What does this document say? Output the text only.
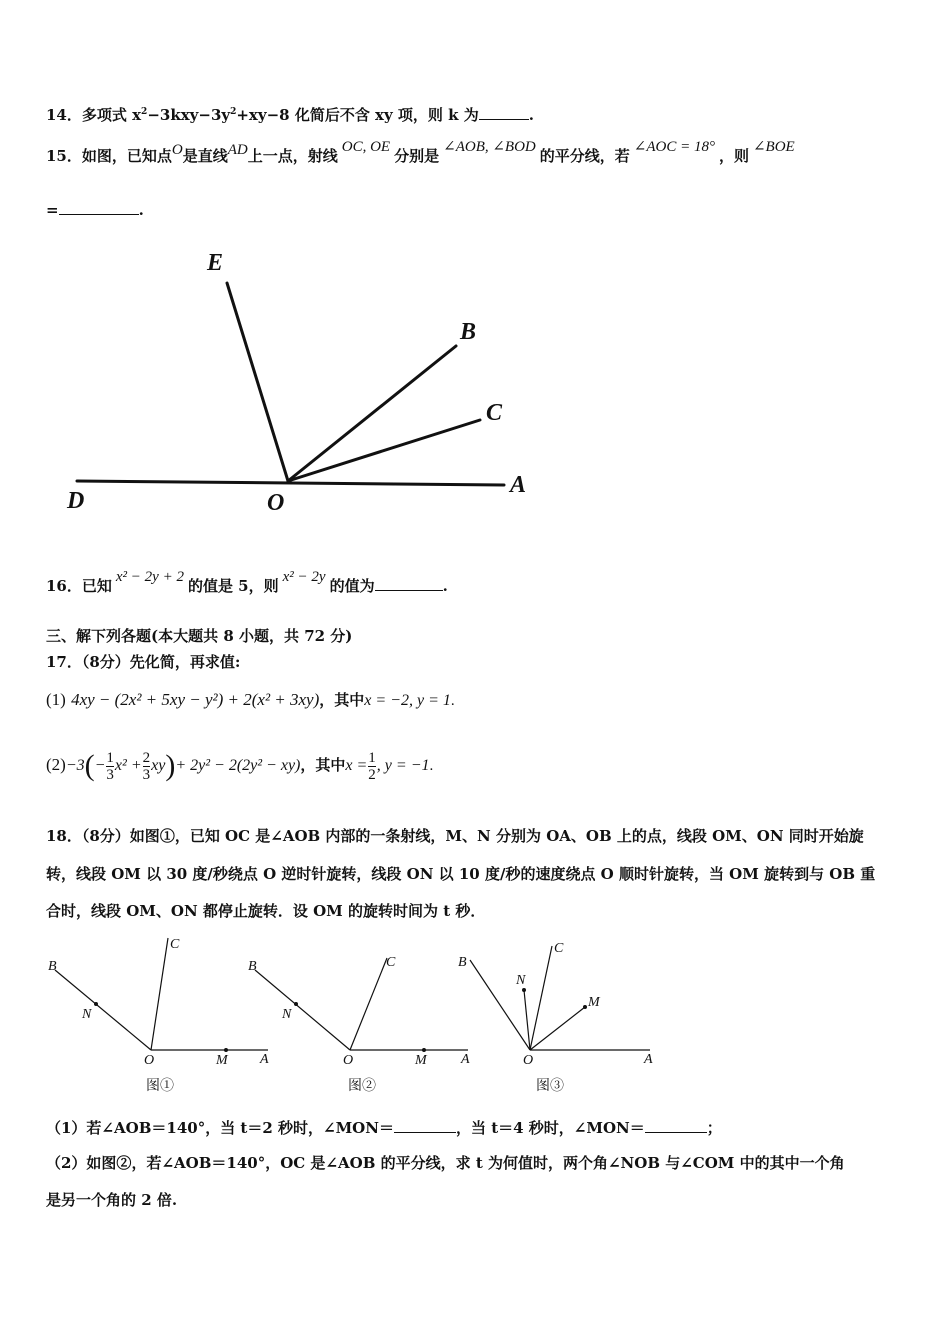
14．多项式 $x^2-3kxy-3y^2+xy-8$ 化简后不含 xy 项，则 k 为	.
15．如图，已知点O是直线AD上一点，射线 OC, OE 分别是 ∠AOB, ∠BOD 的平分线，若 ∠AOC = 18° ，则 ∠BOE
=	.
E
B
C
D	O
A
16．已知 x² − 2y + 2 的值是 5，则 x² − 2y 的值为	.
三、解下列各题(本大题共 8 小题，共 72 分)
17．（8分）先化简，再求值:
(1) 4xy − (2x² + 5xy − y²) + 2(x² + 3xy)，其中x = −2, y = 1.
$(2)-3(- \frac{1}{3} x^2 + \frac{2}{3} xy)+ 2y^2 - 2(2y^2 - xy)$，其中$x = \frac{1}{2}$ , y = −1.
18．（8分）如图①，已知 OC 是∠AOB 内部的一条射线，M、N 分别为 OA、OB 上的点，线段 OM、ON 同时开始旋
转，线段 OM 以 30 度/秒绕点 O 逆时针旋转，线段 ON 以 10 度/秒的速度绕点 O 顺时针旋转，当 OM 旋转到与 OB 重
合时，线段 OM、ON 都停止旋转．设 OM 的旋转时间为 t 秒．
B
N
C
O	M A
B
N
C
O	M A
B
N
C
O
M
A
图①	图②	图③
（1）若∠AOB＝140°，当 t＝2 秒时，∠MON＝	，当 t＝4 秒时，∠MON＝	；
（2）如图②，若∠AOB＝140°，OC 是∠AOB 的平分线，求 t 为何值时，两个角∠NOB 与∠COM 中的其中一个角
是另一个角的 2 倍.
